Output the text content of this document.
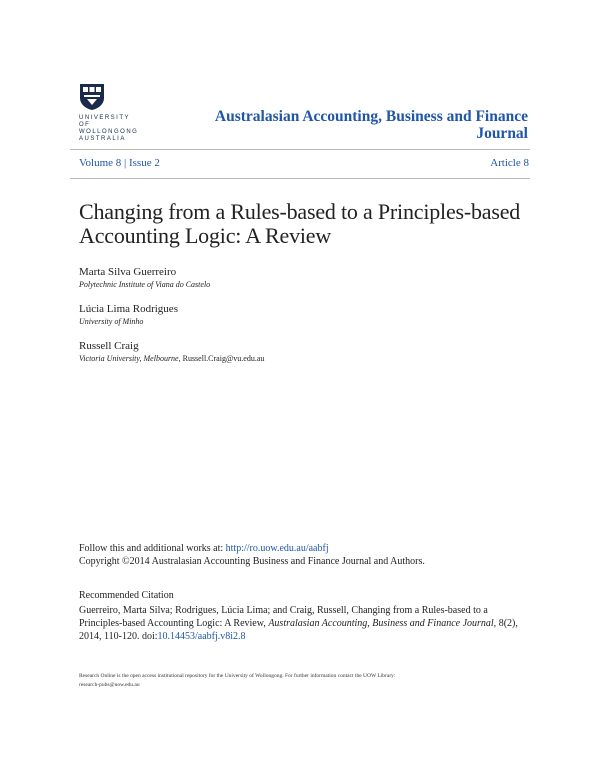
UNIVERSITY
OF WOLLONGONG
AUSTRALIA
Australasian Accounting, Business and Finance Journal
Volume 8 | Issue 2	Article 8
Changing from a Rules-based to a Principles-based Accounting Logic: A Review
Marta Silva Guerreiro
Polytechnic Institute of Viana do Castelo
Lúcia Lima Rodrigues
University of Minho
Russell Craig
Victoria University, Melbourne, Russell.Craig@vu.edu.au
Follow this and additional works at: http://ro.uow.edu.au/aabfj
Copyright ©2014 Australasian Accounting Business and Finance Journal and Authors.
Recommended Citation
Guerreiro, Marta Silva; Rodrigues, Lúcia Lima; and Craig, Russell, Changing from a Rules-based to a Principles-based Accounting Logic: A Review, Australasian Accounting, Business and Finance Journal, 8(2), 2014, 110-120. doi:10.14453/aabfj.v8i2.8
Research Online is the open access institutional repository for the University of Wollongong. For further information contact the UOW Library:
research-pubs@uow.edu.au
